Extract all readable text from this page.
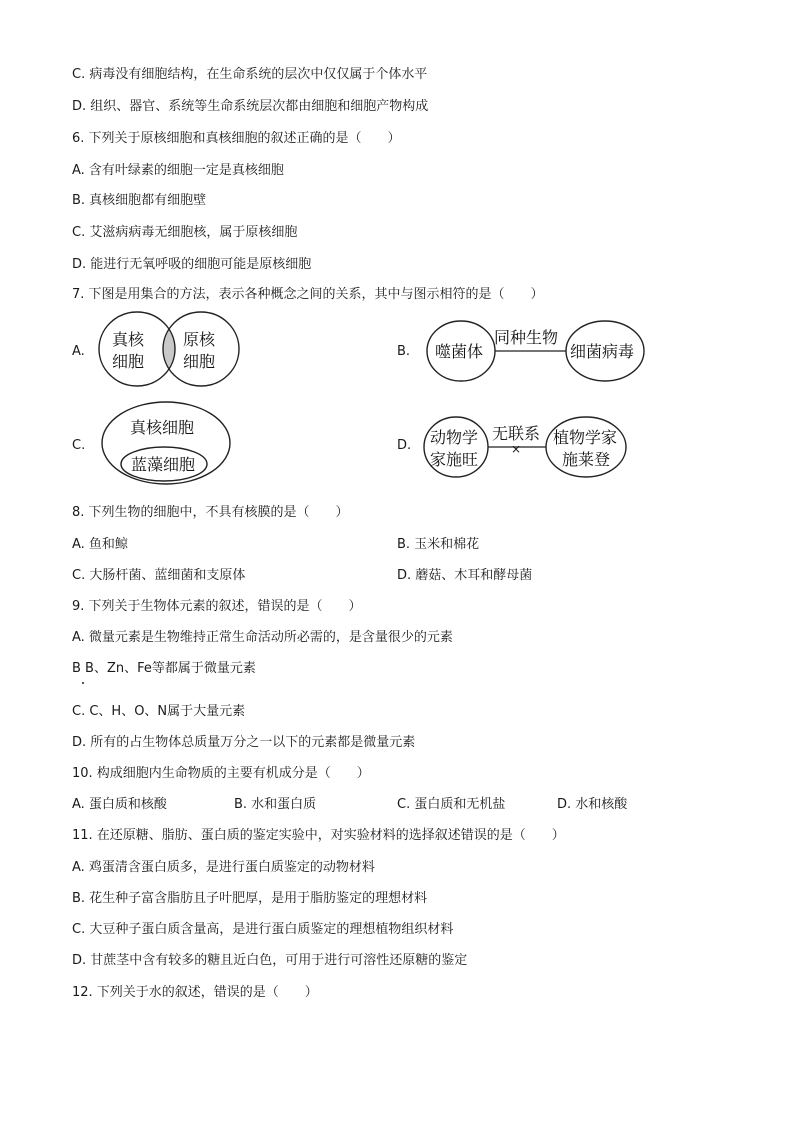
C. 病毒没有细胞结构，在生命系统的层次中仅仅属于个体水平
D. 组织、器官、系统等生命系统层次都由细胞和细胞产物构成
6. 下列关于原核细胞和真核细胞的叙述正确的是（　　）
A. 含有叶绿素的细胞一定是真核细胞
B. 真核细胞都有细胞壁
C. 艾滋病病毒无细胞核，属于原核细胞
D. 能进行无氧呼吸的细胞可能是原核细胞
7. 下图是用集合的方法，表示各种概念之间的关系，其中与图示相符的是（　　）
A.
真核
细胞
原核
细胞
B. 噬菌体
同种生物
细菌病毒
C.
真核细胞
蓝藻细胞
D. 动物学
家施旺
无联系
×
植物学家
施莱登
8. 下列生物的细胞中，不具有核膜的是（　　）
A. 鱼和鲸	B. 玉米和棉花
C. 大肠杆菌、蓝细菌和支原体	D. 蘑菇、木耳和酵母菌
9. 下列关于生物体元素的叙述，错误的是（　　）
A. 微量元素是生物维持正常生命活动所必需的，是含量很少的元素
B B、Zn、Fe等都属于微量元素
C. C、H、O、N属于大量元素
D. 所有的占生物体总质量万分之一以下的元素都是微量元素
10. 构成细胞内生命物质的主要有机成分是（　　）
A. 蛋白质和核酸	B. 水和蛋白质	C. 蛋白质和无机盐	D. 水和核酸
11. 在还原糖、脂肪、蛋白质的鉴定实验中，对实验材料的选择叙述错误的是（　　）
A. 鸡蛋清含蛋白质多，是进行蛋白质鉴定的动物材料
B. 花生种子富含脂肪且子叶肥厚，是用于脂肪鉴定的理想材料
C. 大豆种子蛋白质含量高，是进行蛋白质鉴定的理想植物组织材料
D. 甘蔗茎中含有较多的糖且近白色，可用于进行可溶性还原糖的鉴定
12. 下列关于水的叙述，错误的是（　　）
